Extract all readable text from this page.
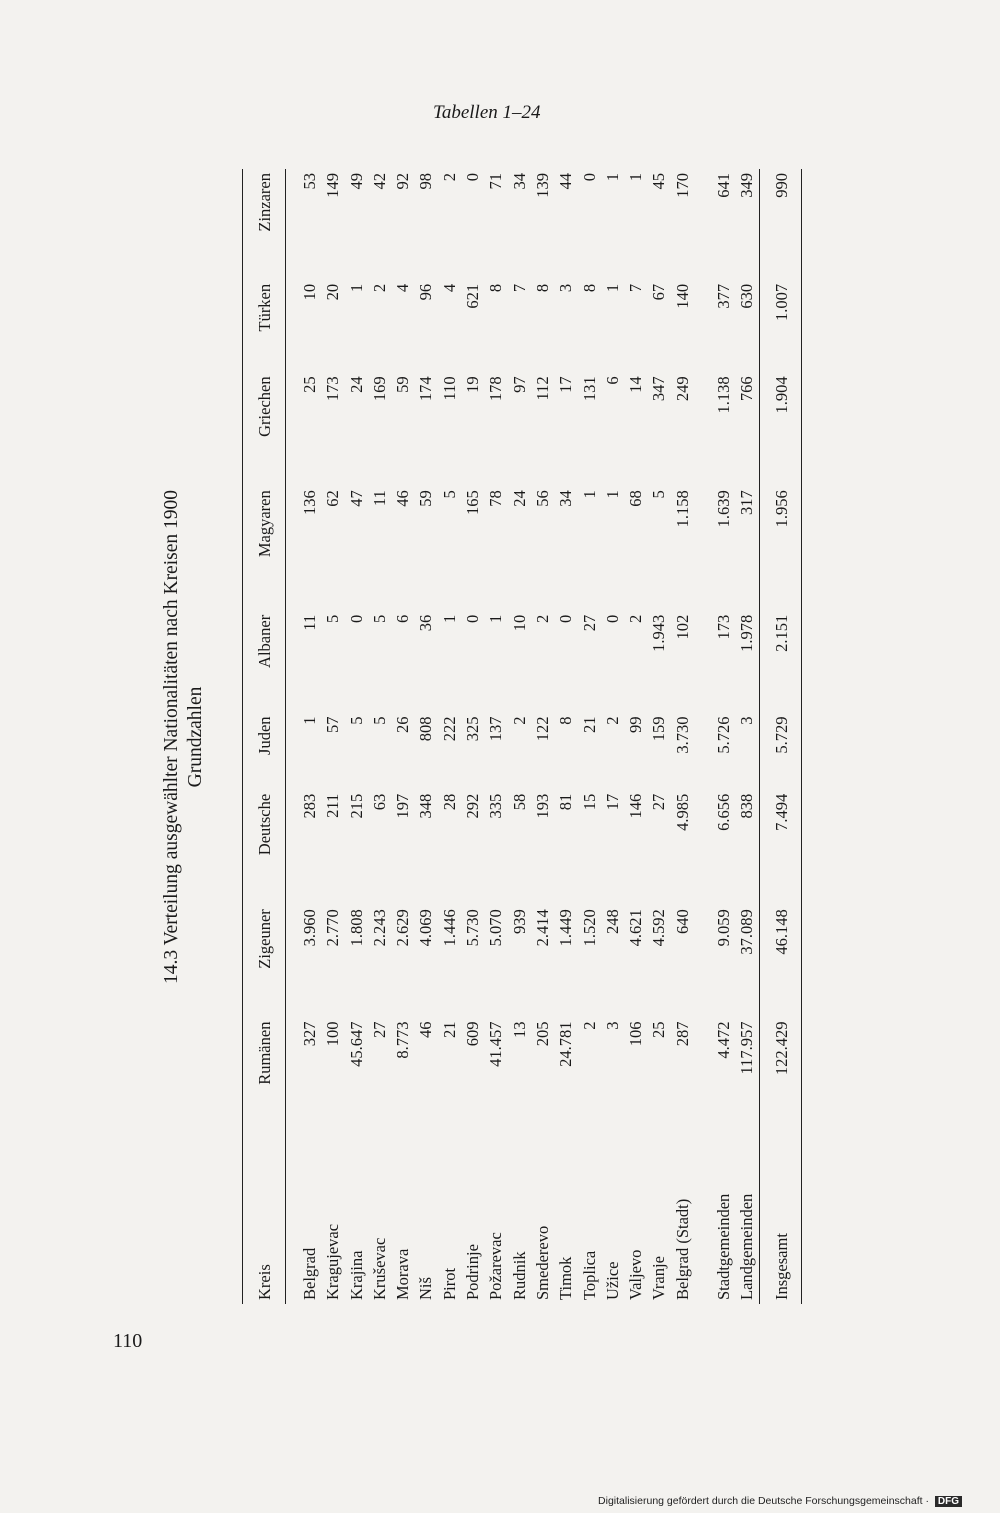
Tabellen 1–24
14.3 Verteilung ausgewählter Nationalitäten nach Kreisen 1900 Grundzahlen
Kreis	Rumänen	Zigeuner	Deutsche	Juden	Albaner	Magyaren	Griechen	Türken	Zinzaren
Belgrad	327	3.960	283	1	11	136	25	10	53
Kragujevac	100	2.770	211	57	5	62	173	20	149
Krajina	45.647	1.808	215	5	0	47	24	1	49
Kruševac	27	2.243	63	5	5	11	169	2	42
Morava	8.773	2.629	197	26	6	46	59	4	92
Niš	46	4.069	348	808	36	59	174	96	98
Pirot	21	1.446	28	222	1	5	110	4	2
Podrinje	609	5.730	292	325	0	165	19	621	0
Požarevac	41.457	5.070	335	137	1	78	178	8	71
Rudnik	13	939	58	2	10	24	97	7	34
Smederevo	205	2.414	193	122	2	56	112	8	139
Timok	24.781	1.449	81	8	0	34	17	3	44
Toplica	2	1.520	15	21	27	1	131	8	0
Užice	3	248	17	2	0	1	6	1	1
Valjevo	106	4.621	146	99	2	68	14	7	1
Vranje	25	4.592	27	159	1.943	5	347	67	45
Belgrad (Stadt)	287	640	4.985	3.730	102	1.158	249	140	170
Stadtgemeinden	4.472	9.059	6.656	5.726	173	1.639	1.138	377	641
Landgemeinden	117.957	37.089	838	3	1.978	317	766	630	349
Insgesamt	122.429	46.148	7.494	5.729	2.151	1.956	1.904	1.007	990
110
Digitalisierung gefördert durch die Deutsche Forschungsgemeinschaft · DFG
